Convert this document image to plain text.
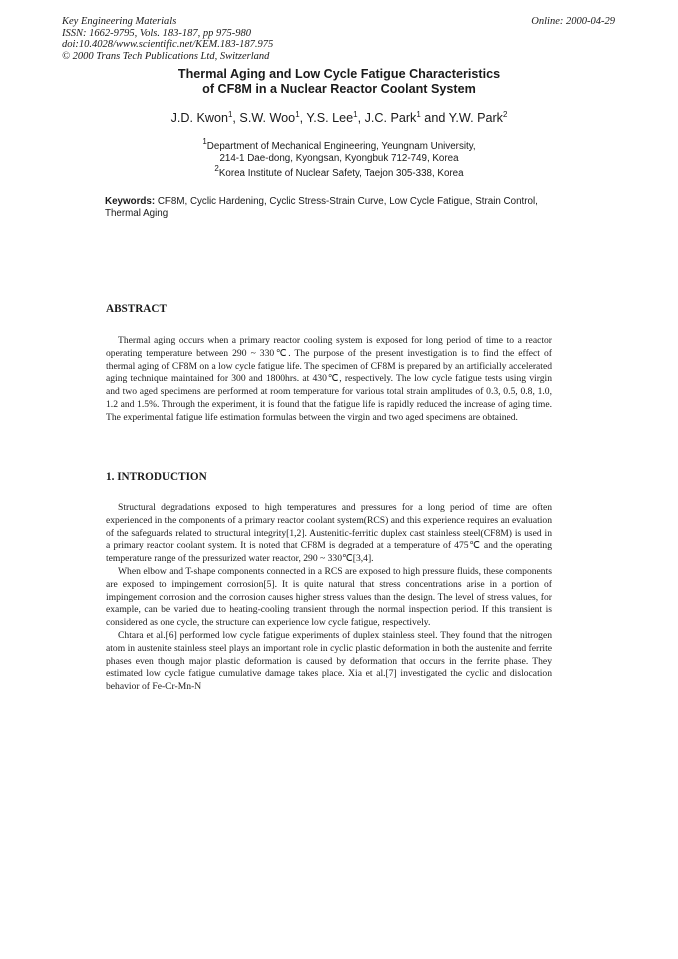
Key Engineering Materials
ISSN: 1662-9795, Vols. 183-187, pp 975-980
doi:10.4028/www.scientific.net/KEM.183-187.975
© 2000 Trans Tech Publications Ltd, Switzerland
Online: 2000-04-29
Thermal Aging and Low Cycle Fatigue Characteristics
of CF8M in a Nuclear Reactor Coolant System
J.D. Kwon$^1$, S.W. Woo$^1$, Y.S. Lee$^1$, J.C. Park$^1$ and Y.W. Park$^2$
$^1$Department of Mechanical Engineering, Yeungnam University,
214-1 Dae-dong, Kyongsan, Kyongbuk 712-749, Korea
$^2$Korea Institute of Nuclear Safety, Taejon 305-338, Korea
Keywords: CF8M, Cyclic Hardening, Cyclic Stress-Strain Curve, Low Cycle Fatigue, Strain Control, Thermal Aging
ABSTRACT

Thermal aging occurs when a primary reactor cooling system is exposed for long period of time to a reactor operating temperature between 290 ~ 330℃. The purpose of the present investigation is to find the effect of thermal aging of CF8M on a low cycle fatigue life. The specimen of CF8M is prepared by an artificially accelerated aging technique maintained for 300 and 1800hrs. at 430℃, respectively. The low cycle fatigue tests using virgin and two aged specimens are performed at room temperature for various total strain amplitudes of 0.3, 0.5, 0.8, 1.0, 1.2 and 1.5%. Through the experiment, it is found that the fatigue life is rapidly reduced the increase of aging time. The experimental fatigue life estimation formulas between the virgin and two aged specimens are obtained.

1. INTRODUCTION

Structural degradations exposed to high temperatures and pressures for a long period of time are often experienced in the components of a primary reactor coolant system(RCS) and this experience requires an evaluation of the safeguards related to structural integrity[1,2]. Austenitic-ferritic duplex cast stainless steel(CF8M) is used in a primary reactor coolant system. It is noted that CF8M is degraded at a temperature of 475℃ and the operating temperature range of the pressurized water reactor, 290 ~ 330℃[3,4].

When elbow and T-shape components connected in a RCS are exposed to high pressure fluids, these components are exposed to impingement corrosion[5]. It is quite natural that stress concentrations arise in a portion of impingement corrosion and the corrosion causes higher stress values than the design. The level of stress values, for example, can be varied due to heating-cooling transient through the normal inspection period. If this transient is considered as one cycle, the structure can experience low cycle fatigue, respectively.

Chtara et al.[6] performed low cycle fatigue experiments of duplex stainless steel. They found that the nitrogen atom in austenite stainless steel plays an important role in cyclic plastic deformation in both the austenite and ferrite phases even though major plastic deformation is caused by deformation that occurs in the ferrite phase. They estimated low cycle fatigue cumulative damage takes place. Xia et al.[7] investigated the cyclic and dislocation behavior of Fe-Cr-Mn-N
